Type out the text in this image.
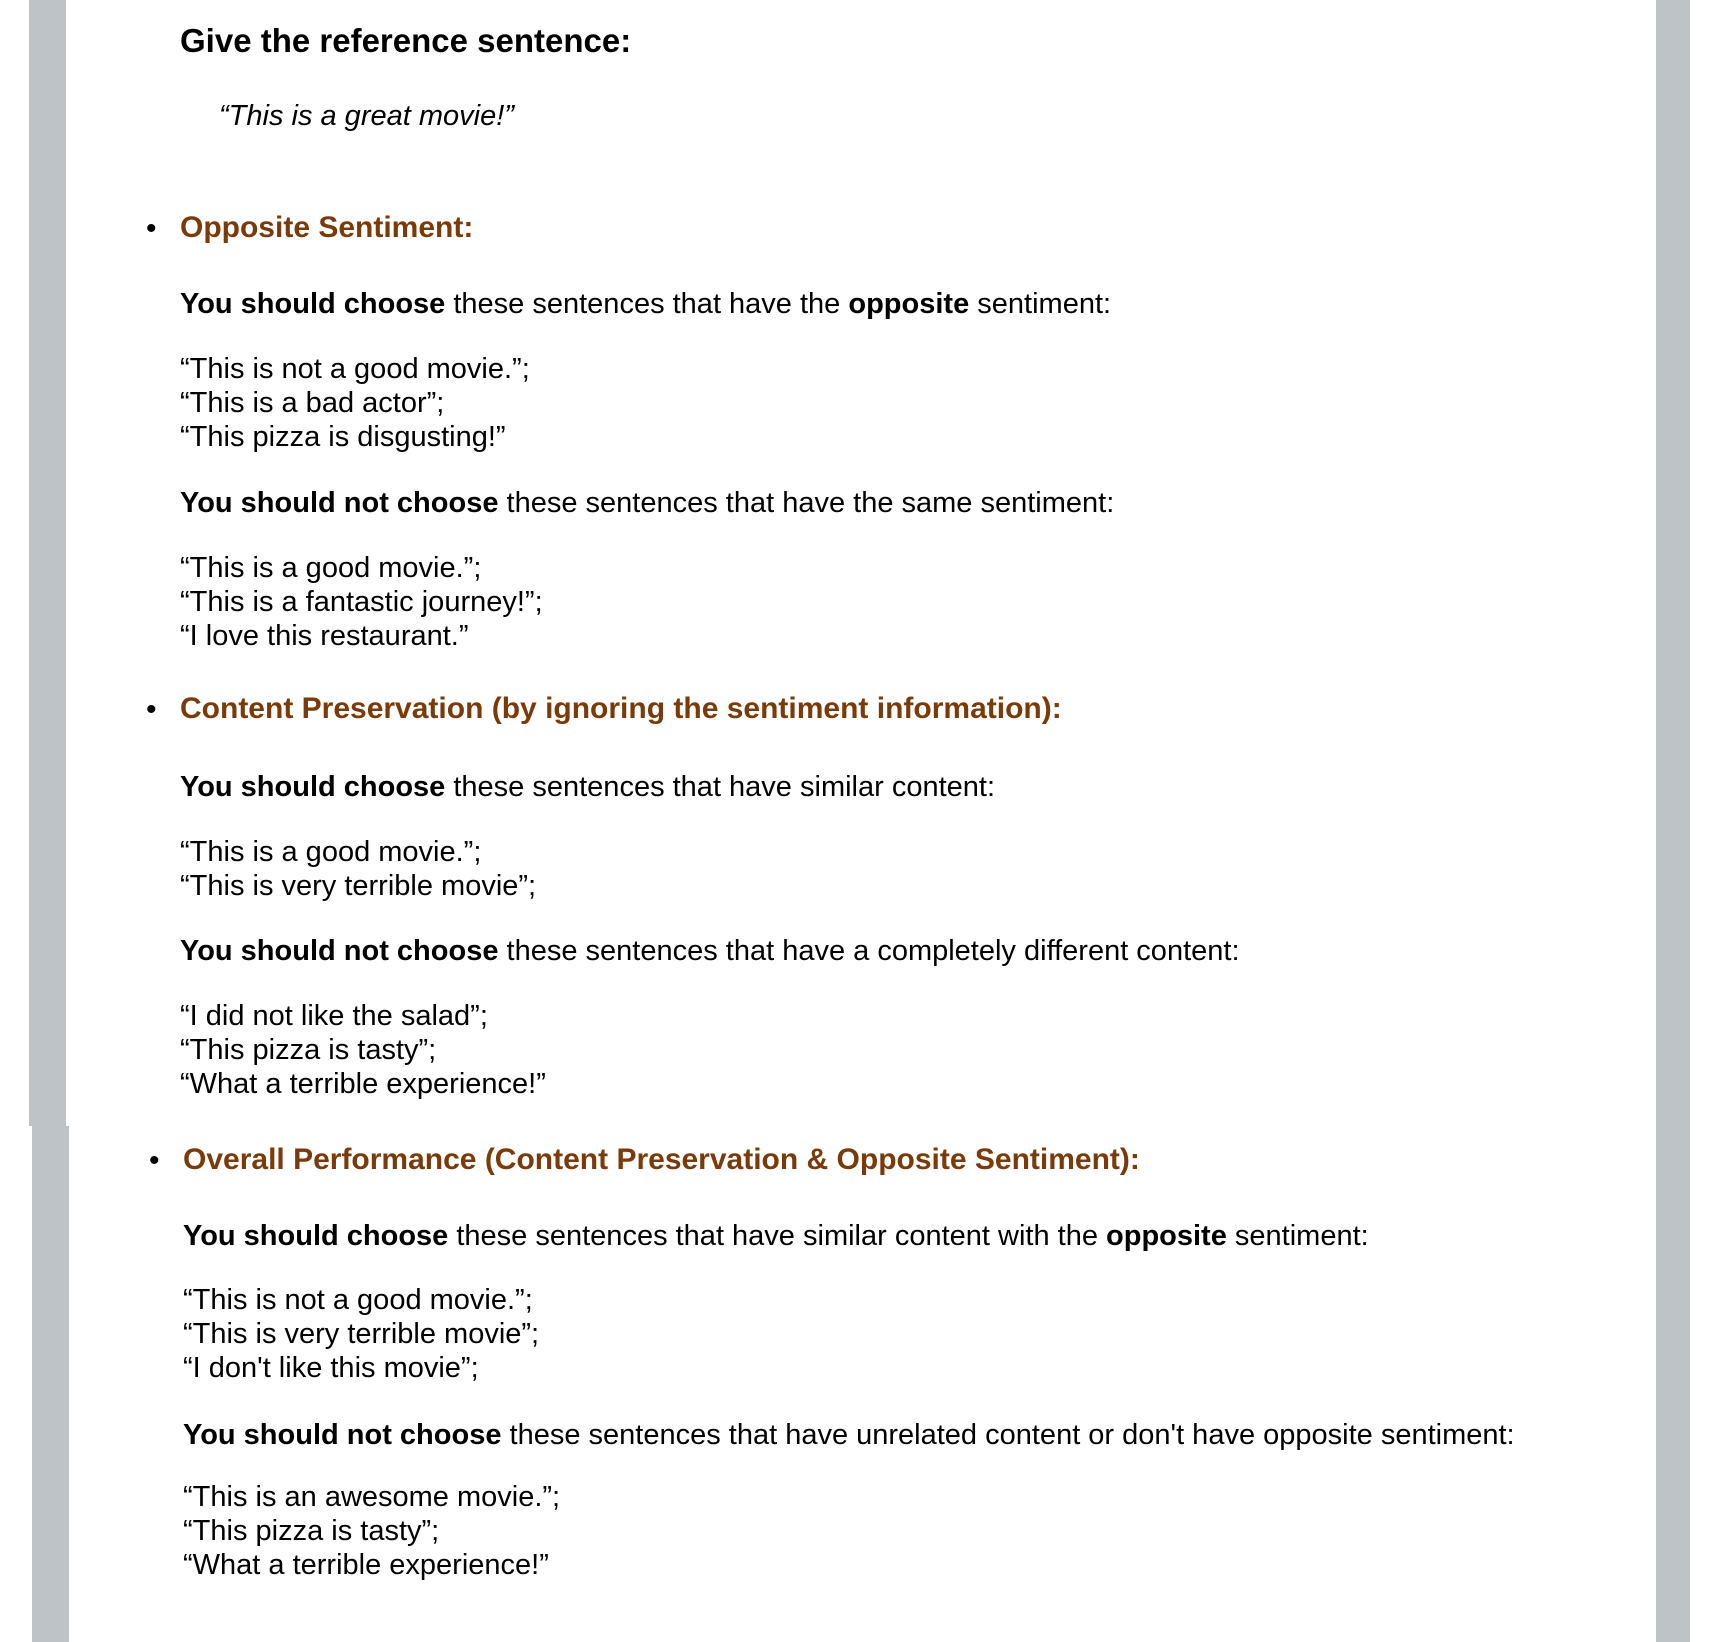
Give the reference sentence:
“This is a great movie!”
• Opposite Sentiment:
You should choose these sentences that have the opposite sentiment:
“This is not a good movie.”;
“This is a bad actor”;
“This pizza is disgusting!”
You should not choose these sentences that have the same sentiment:
“This is a good movie.”;
“This is a fantastic journey!”;
“I love this restaurant.”
• Content Preservation (by ignoring the sentiment information):
You should choose these sentences that have similar content:
“This is a good movie.”;
“This is very terrible movie”;
You should not choose these sentences that have a completely different content:
“I did not like the salad”;
“This pizza is tasty”;
“What a terrible experience!”
• Overall Performance (Content Preservation & Opposite Sentiment):
You should choose these sentences that have similar content with the opposite sentiment:
“This is not a good movie.”;
“This is very terrible movie”;
“I don't like this movie”;
You should not choose these sentences that have unrelated content or don't have opposite sentiment:
“This is an awesome movie.”;
“This pizza is tasty”;
“What a terrible experience!”
